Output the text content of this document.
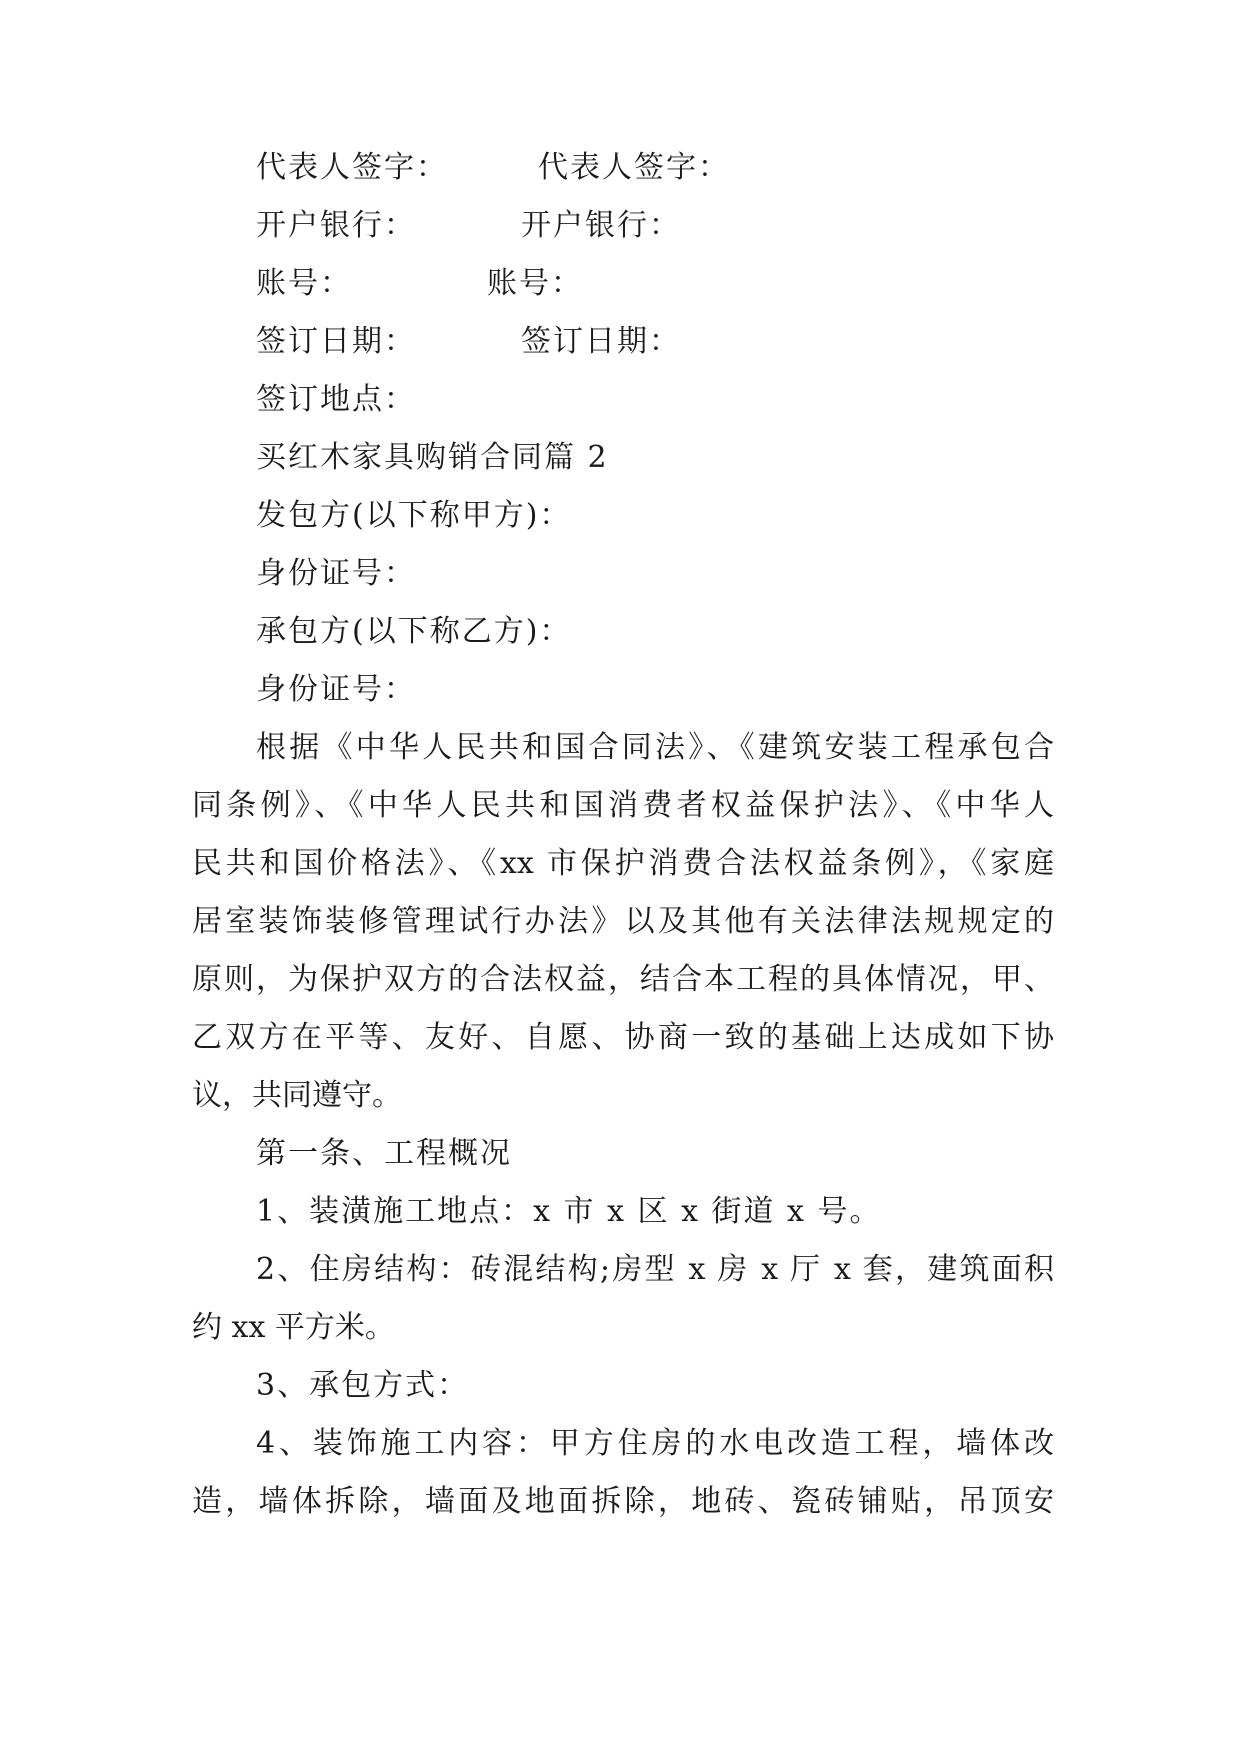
代表人签字：	代表人签字：
开户银行：	开户银行：
账号：	账号：
签订日期：	签订日期：
签订地点：
买红木家具购销合同篇 2
发包方(以下称甲方)：
身份证号：
承包方(以下称乙方)：
身份证号：
根据《中华人民共和国合同法》、《建筑安装工程承包合
同条例》、《中华人民共和国消费者权益保护法》、《中华人
民共和国价格法》、《xx 市保护消费合法权益条例》，《家庭
居室装饰装修管理试行办法》以及其他有关法律法规规定的
原则，为保护双方的合法权益，结合本工程的具体情况，甲、
乙双方在平等、友好、自愿、协商一致的基础上达成如下协
议，共同遵守。
第一条、工程概况
1、装潢施工地点：x 市 x 区 x 街道 x 号。
2、住房结构：砖混结构;房型 x 房 x 厅 x 套，建筑面积
约 xx 平方米。
3、承包方式：
4、装饰施工内容：甲方住房的水电改造工程，墙体改
造，墙体拆除，墙面及地面拆除，地砖、瓷砖铺贴，吊顶安
